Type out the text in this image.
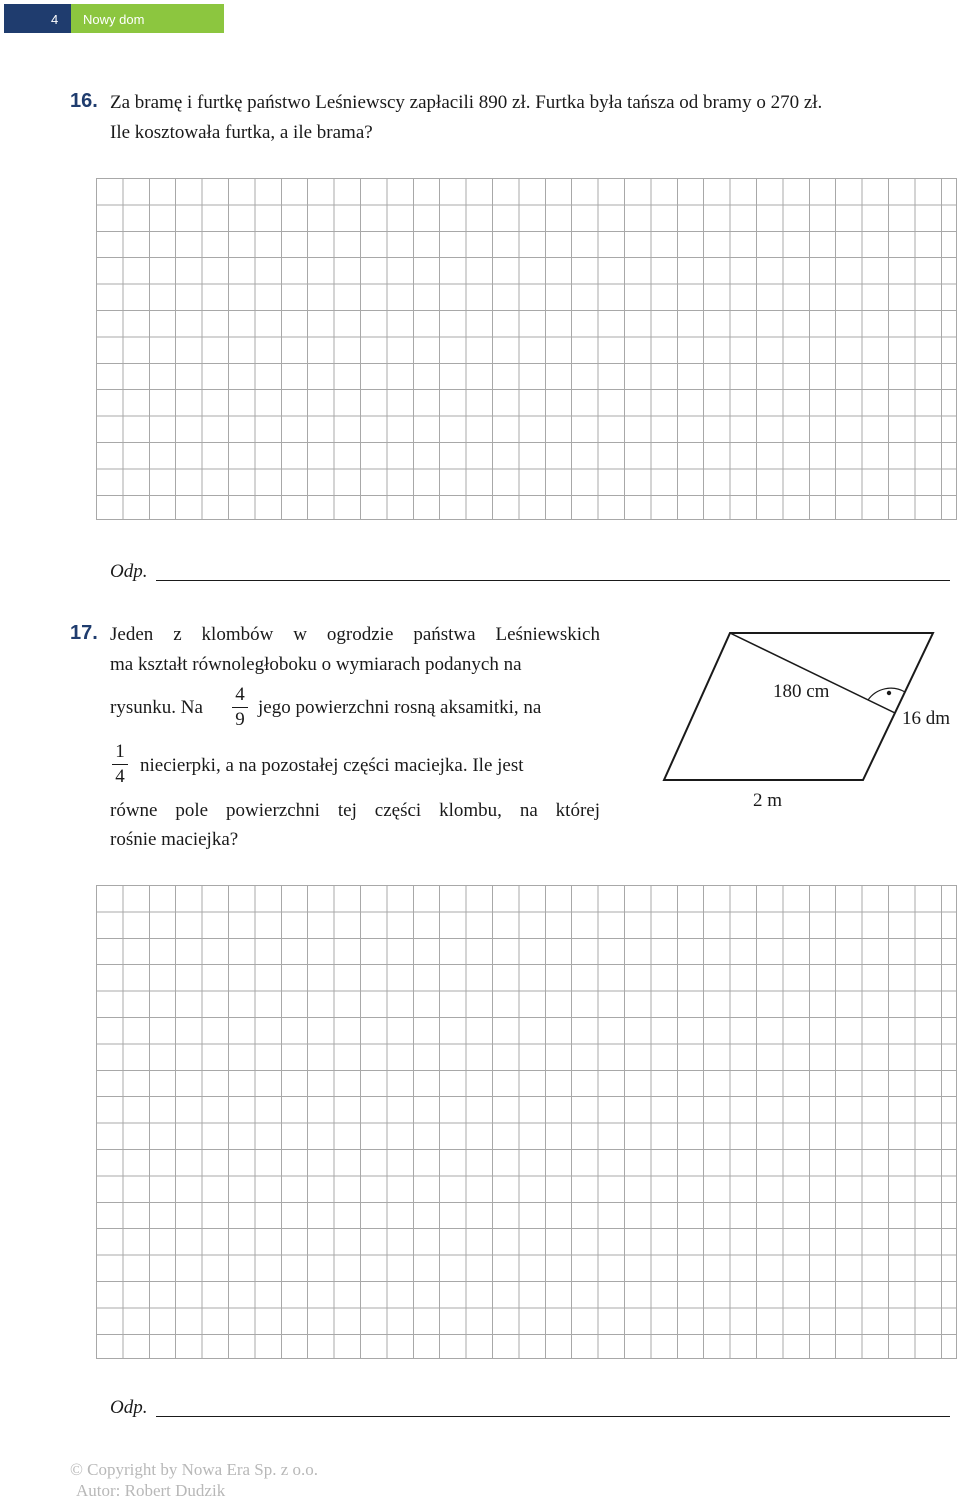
4	Nowy dom
16. Za bramę i furtkę państwo Leśniewscy zapłacili 890 zł. Furtka była tańsza od bramy o 270 zł.
Ile kosztowała furtka, a ile brama?
Odp.
17. Jeden z klombów w ogrodzie państwa Leśniewskich
ma kształt równoległoboku o wymiarach podanych na
rysunku. Na
4
9
jego powierzchni rosną aksamitki, na
1
4
niecierpki, a na pozostałej części maciejka. Ile jest
równe pole powierzchni tej części klombu, na której
rośnie maciejka?
180 cm
16 dm
2 m
Odp.
© Copyright by Nowa Era Sp. z o.o.
Autor: Robert Dudzik
